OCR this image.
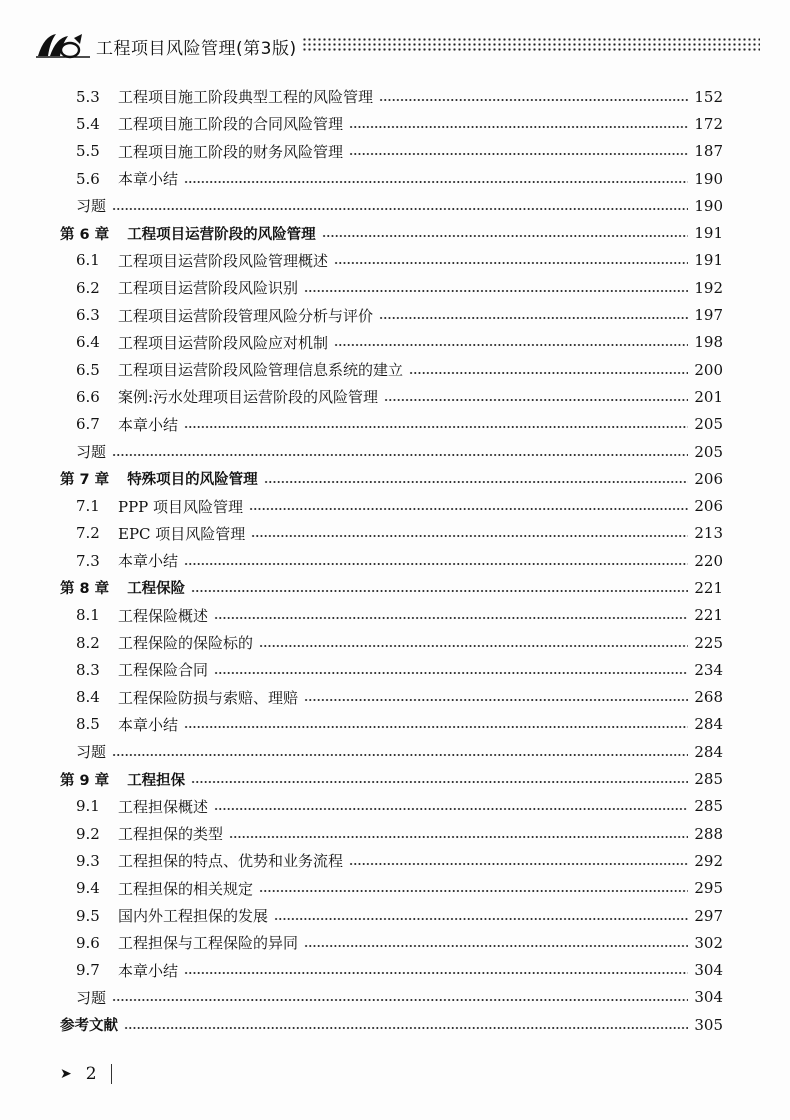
工程项目风险管理(第3版)
5.3	工程项目施工阶段典型工程的风险管理	152
5.4	工程项目施工阶段的合同风险管理	172
5.5	工程项目施工阶段的财务风险管理	187
5.6	本章小结	190
习题	190
第 6 章 工程项目运营阶段的风险管理	191
6.1	工程项目运营阶段风险管理概述	191
6.2	工程项目运营阶段风险识别	192
6.3	工程项目运营阶段管理风险分析与评价	197
6.4	工程项目运营阶段风险应对机制	198
6.5	工程项目运营阶段风险管理信息系统的建立	200
6.6	案例:污水处理项目运营阶段的风险管理	201
6.7	本章小结	205
习题	205
第 7 章 特殊项目的风险管理	206
7.1	PPP 项目风险管理	206
7.2	EPC 项目风险管理	213
7.3	本章小结	220
第 8 章 工程保险	221
8.1	工程保险概述	221
8.2	工程保险的保险标的	225
8.3	工程保险合同	234
8.4	工程保险防损与索赔、理赔	268
8.5	本章小结	284
习题	284
第 9 章 工程担保	285
9.1	工程担保概述	285
9.2	工程担保的类型	288
9.3	工程担保的特点、优势和业务流程	292
9.4	工程担保的相关规定	295
9.5	国内外工程担保的发展	297
9.6	工程担保与工程保险的异同	302
9.7	本章小结	304
习题	304
参考文献	305
➤ 2
